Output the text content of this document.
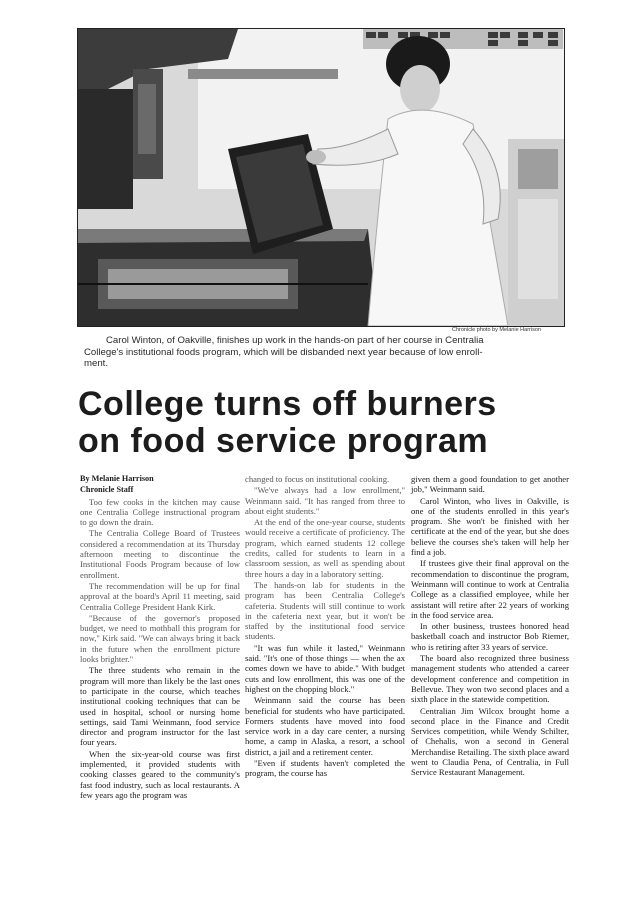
Chronicle photo by Melanie Harrison
Carol Winton, of Oakville, finishes up work in the hands-on part of her course in Centralia
College's institutional foods program, which will be disbanded next year because of low enroll-
ment.
College turns off burners
on food service program

By Melanie Harrison

Chronicle Staff

Too few cooks in the kitchen may cause one Centralia College instructional program to go down the drain.

The Centralia College Board of Trustees considered a recommendation at its Thursday afternoon meeting to discontinue the Institutional Foods Program because of low enrollment.

The recommendation will be up for final approval at the board's April 11 meeting, said Centralia College President Hank Kirk.

"Because of the governor's proposed budget, we need to mothball this program for now," Kirk said. "We can always bring it back in the future when the enrollment picture looks brighter."

The three students who remain in the program will more than likely be the last ones to participate in the course, which teaches institutional cooking techniques that can be used in hospital, school or nursing home settings, said Tami Weinmann, food service director and program instructor for the last four years.

When the six-year-old course was first implemented, it provided students with cooking classes geared to the community's fast food industry, such as local restaurants. A few years ago the program was

changed to focus on institutional cooking.

"We've always had a low enrollment," Weinmann said. "It has ranged from three to about eight students."

At the end of the one-year course, students would receive a certificate of proficiency. The program, which earned students 12 college credits, called for students to learn in a classroom session, as well as spending about three hours a day in a laboratory setting.

The hands-on lab for students in the program has been Centralia College's cafeteria. Students will still continue to work in the cafeteria next year, but it won't be staffed by the institutional food service students.

"It was fun while it lasted," Weinmann said. "It's one of those things — when the ax comes down we have to abide." With budget cuts and low enrollment, this was one of the highest on the chopping block."

Weinmann said the course has been beneficial for students who have participated. Formers students have moved into food service work in a day care center, a nursing home, a camp in Alaska, a resort, a school district, a jail and a retirement center.

"Even if students haven't completed the program, the course has

given them a good foundation to get another job," Weinmann said.

Carol Winton, who lives in Oakville, is one of the students enrolled in this year's program. She won't be finished with her certificate at the end of the year, but she does believe the courses she's taken will help her find a job.

If trustees give their final approval on the recommendation to discontinue the program, Weinmann will continue to work at Centralia College as a classified employee, while her assistant will retire after 22 years of working in the food service area.

In other business, trustees honored head basketball coach and instructor Bob Riemer, who is retiring after 33 years of service.

The board also recognized three business management students who attended a career development conference and competition in Bellevue. They won two second places and a sixth place in the statewide competition.

Centralian Jim Wilcox brought home a second place in the Finance and Credit Services competition, while Wendy Schilter, of Chehalis, won a second in General Merchandise Retailing. The sixth place award went to Claudia Pena, of Centralia, in Full Service Restaurant Management.
